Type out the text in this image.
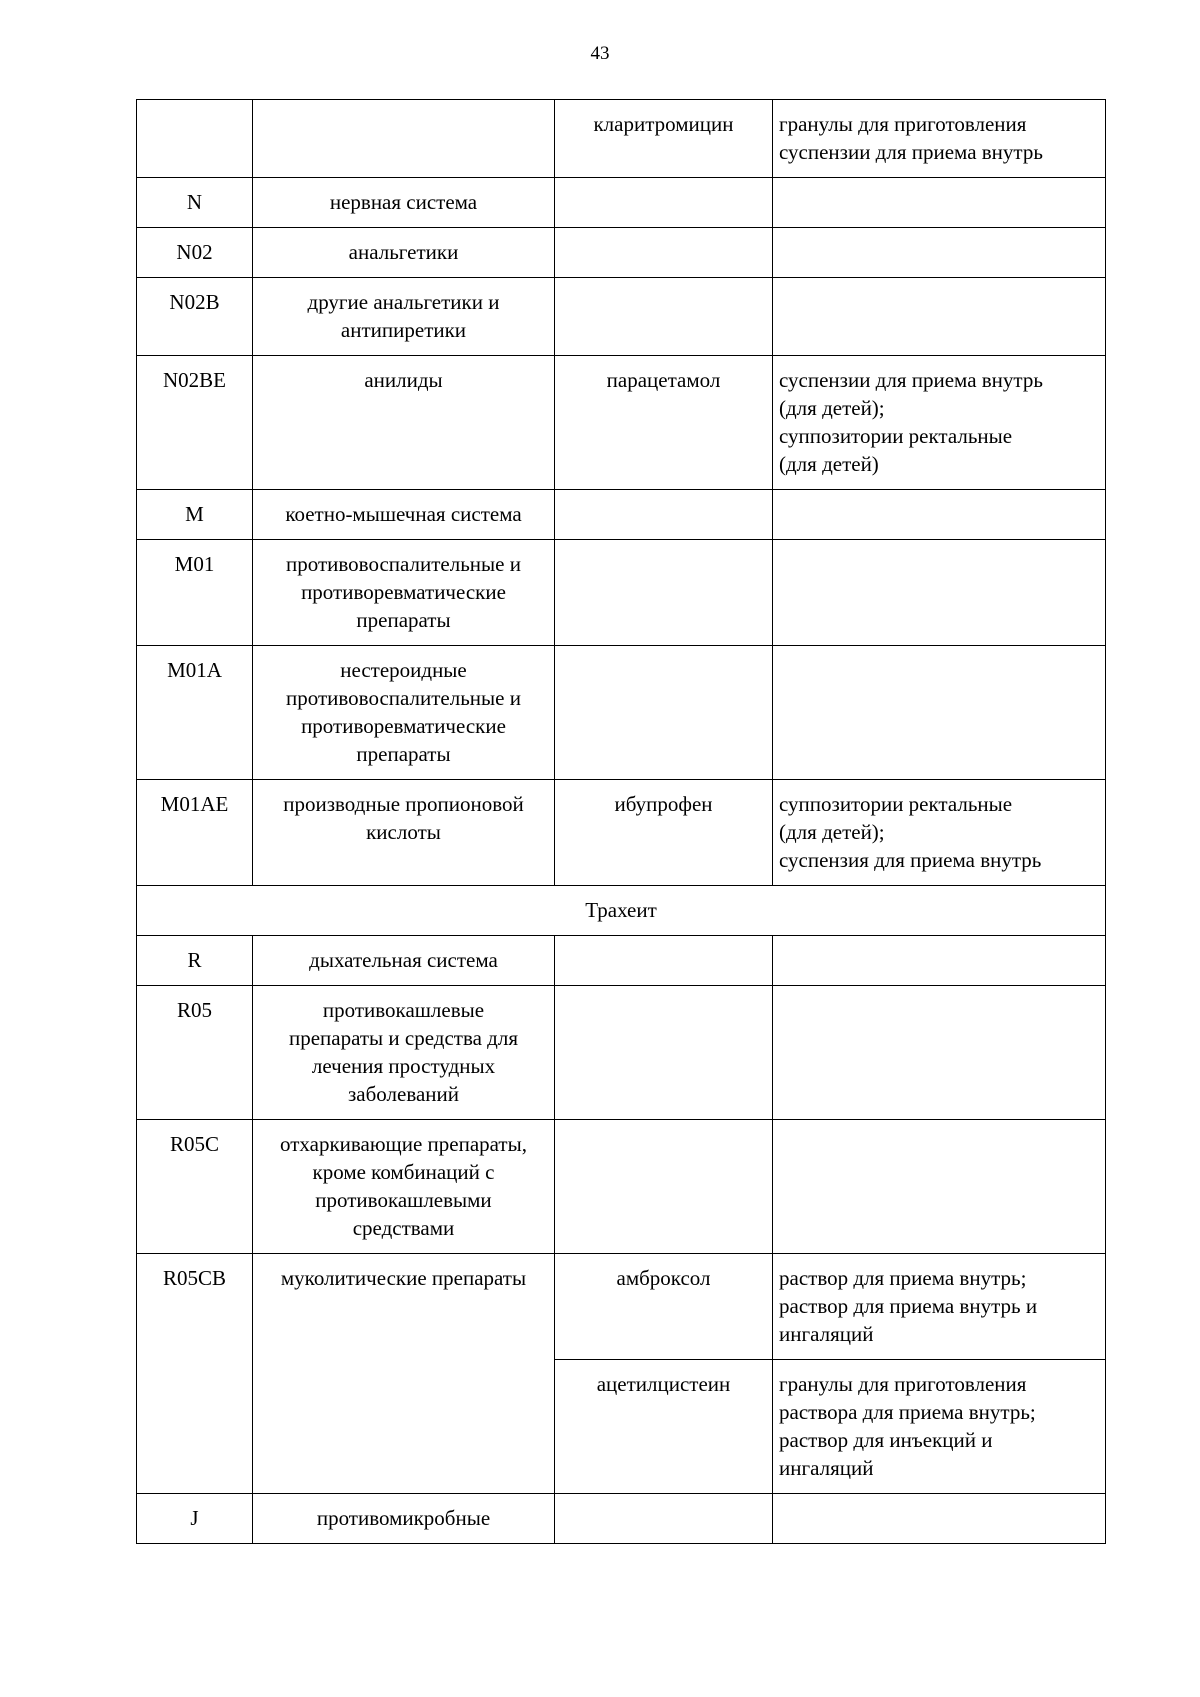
43
		кларитромицин	гранулы для приготовления
суспензии для приема внутрь

N	нервная система		

N02	анальгетики		

N02B	другие анальгетики и
антипиретики		

N02BE	анилиды	парацетамол	суспензии для приема внутрь
(для детей);
суппозитории ректальные
(для детей)

M	коетно-мышечная система		

M01	противовоспалительные и
противоревматические
препараты		

M01A	нестероидные
противовоспалительные и
противоревматические
препараты		

M01AE	производные пропионовой
кислоты	ибупрофен	суппозитории ректальные
(для детей);
суспензия для приема внутрь

Трахеит			
R	дыхательная система		

R05	противокашлевые
препараты и средства для
лечения простудных
заболеваний		

R05C	отхаркивающие препараты,
кроме комбинаций с
противокашлевыми
средствами		

R05CB	муколитические препараты	амброксол	раствор для приема внутрь;
раствор для приема внутрь и
ингаляций

		ацетилцистеин	гранулы для приготовления
раствора для приема внутрь;
раствор для инъекций и
ингаляций

J	противомикробные		
